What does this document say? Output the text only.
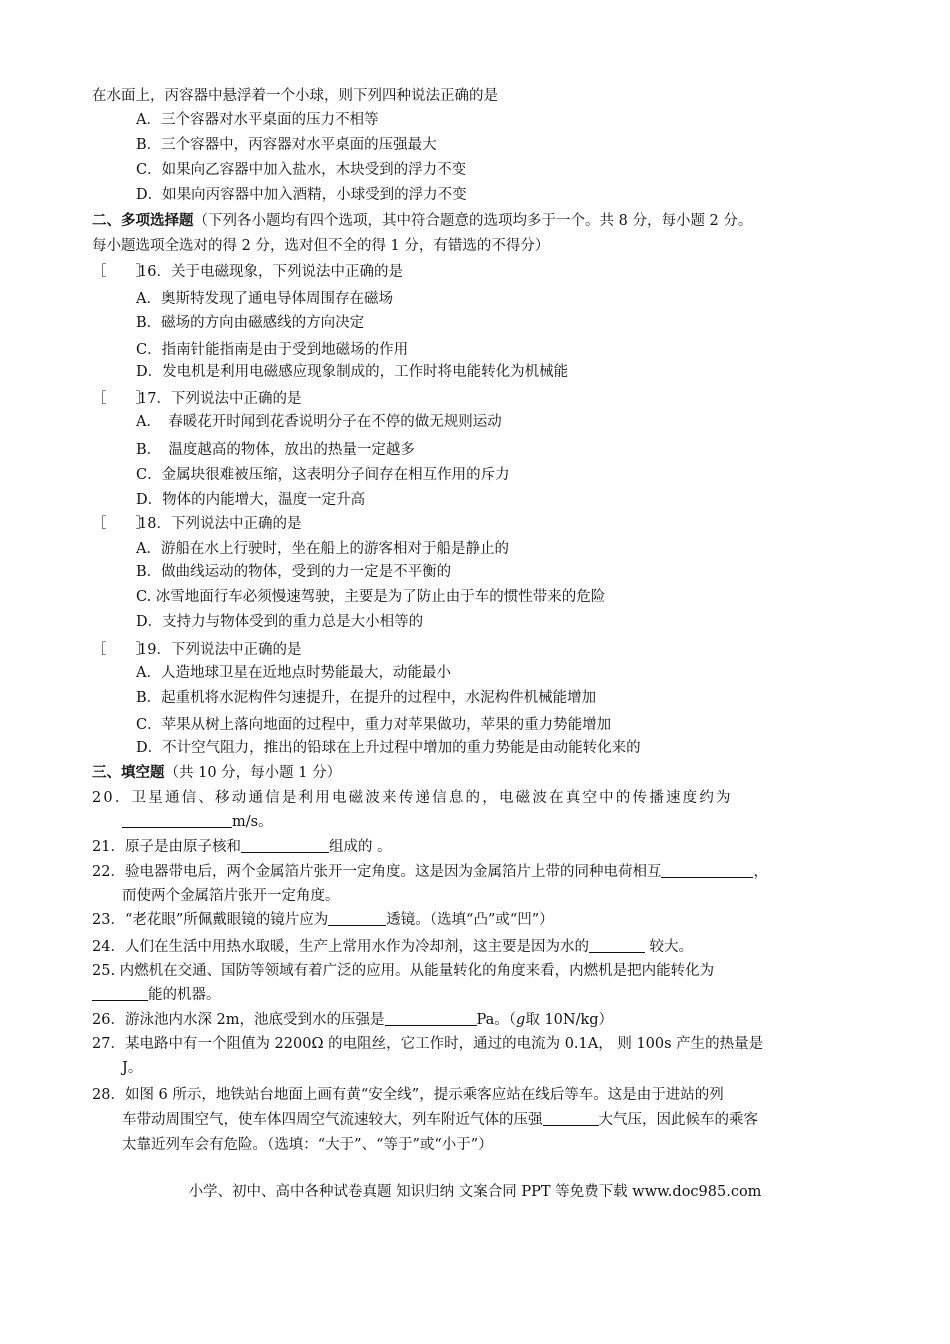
在水面上，丙容器中悬浮着一个小球，则下列四种说法正确的是
A．三个容器对水平桌面的压力不相等
B．三个容器中，丙容器对水平桌面的压强最大
C．如果向乙容器中加入盐水，木块受到的浮力不变
D．如果向丙容器中加入酒精，小球受到的浮力不变
二、多项选择题（下列各小题均有四个选项，其中符合题意的选项均多于一个。共 8 分，每小题 2 分。
每小题选项全选对的得 2 分，选对但不全的得 1 分，有错选的不得分）
［　　］16．关于电磁现象，下列说法中正确的是
A．奥斯特发现了通电导体周围存在磁场
B．磁场的方向由磁感线的方向决定
C．指南针能指南是由于受到地磁场的作用
D．发电机是利用电磁感应现象制成的，工作时将电能转化为机械能
［　　］17．下列说法中正确的是
A．　春暖花开时闻到花香说明分子在不停的做无规则运动
B．　温度越高的物体，放出的热量一定越多
C．金属块很难被压缩，这表明分子间存在相互作用的斥力
D．物体的内能增大，温度一定升高
［　　］18．下列说法中正确的是
A．游船在水上行驶时，坐在船上的游客相对于船是静止的
B．做曲线运动的物体，受到的力一定是不平衡的
C. 冰雪地面行车必须慢速驾驶，主要是为了防止由于车的惯性带来的危险
D．支持力与物体受到的重力总是大小相等的
［　　］19．下列说法中正确的是
A．人造地球卫星在近地点时势能最大，动能最小
B．起重机将水泥构件匀速提升，在提升的过程中，水泥构件机械能增加
C．苹果从树上落向地面的过程中，重力对苹果做功，苹果的重力势能增加
D．不计空气阻力，推出的铅球在上升过程中增加的重力势能是由动能转化来的
三、填空题（共 10 分，每小题 1 分）
20．卫星通信、移动通信是利用电磁波来传递信息的，电磁波在真空中的传播速度约为
m/s。
21．原子是由原子核和	组成的 。
22．验电器带电后，两个金属箔片张开一定角度。这是因为金属箔片上带的同种电荷相互	，
而使两个金属箔片张开一定角度。
23．“老花眼”所佩戴眼镜的镜片应为	透镜。（选填“凸”或“凹”）
24．人们在生活中用热水取暖，生产上常用水作为冷却剂，这主要是因为水的	较大。
25. 内燃机在交通、国防等领域有着广泛的应用。从能量转化的角度来看，内燃机是把内能转化为
能的机器。
26．游泳池内水深 2m，池底受到水的压强是	Pa。（g取 10N/kg）
27．某电路中有一个阻值为 2200Ω 的电阻丝，它工作时，通过的电流为 0.1A， 则 100s 产生的热量是
J。
28．如图 6 所示，地铁站台地面上画有黄“安全线”，提示乘客应站在线后等车。这是由于进站的列
车带动周围空气，使车体四周空气流速较大，列车附近气体的压强	大气压，因此候车的乘客
太靠近列车会有危险。（选填：“大于”、“等于”或“小于”）
小学、初中、高中各种试卷真题 知识归纳 文案合同 PPT 等免费下载 www.doc985.com
